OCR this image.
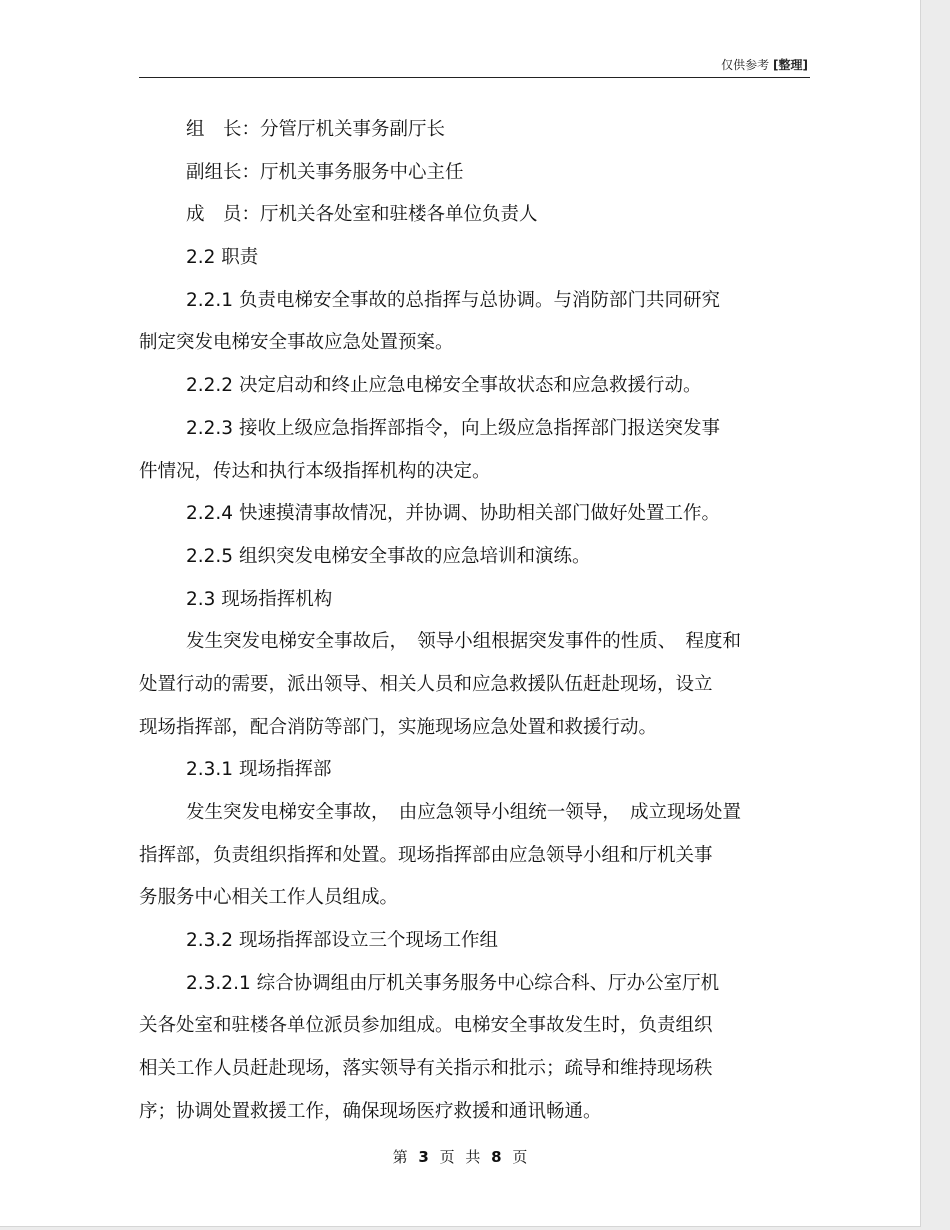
仅供参考 [整理]
组　长：分管厅机关事务副厅长
副组长：厅机关事务服务中心主任
成　员：厅机关各处室和驻楼各单位负责人
2.2 职责
2.2.1 负责电梯安全事故的总指挥与总协调。与消防部门共同研究
制定突发电梯安全事故应急处置预案。
2.2.2 决定启动和终止应急电梯安全事故状态和应急救援行动。
2.2.3 接收上级应急指挥部指令，向上级应急指挥部门报送突发事
件情况，传达和执行本级指挥机构的决定。
2.2.4 快速摸清事故情况，并协调、协助相关部门做好处置工作。
2.2.5 组织突发电梯安全事故的应急培训和演练。
2.3 现场指挥机构
发生突发电梯安全事故后，　领导小组根据突发事件的性质、　程度和
处置行动的需要，派出领导、相关人员和应急救援队伍赶赴现场，设立
现场指挥部，配合消防等部门，实施现场应急处置和救援行动。
2.3.1 现场指挥部
发生突发电梯安全事故，　由应急领导小组统一领导，　成立现场处置
指挥部，负责组织指挥和处置。现场指挥部由应急领导小组和厅机关事
务服务中心相关工作人员组成。
2.3.2 现场指挥部设立三个现场工作组
2.3.2.1 综合协调组由厅机关事务服务中心综合科、厅办公室厅机
关各处室和驻楼各单位派员参加组成。电梯安全事故发生时，负责组织
相关工作人员赶赴现场，落实领导有关指示和批示；疏导和维持现场秩
序；协调处置救援工作，确保现场医疗救援和通讯畅通。
第 3 页 共 8 页
